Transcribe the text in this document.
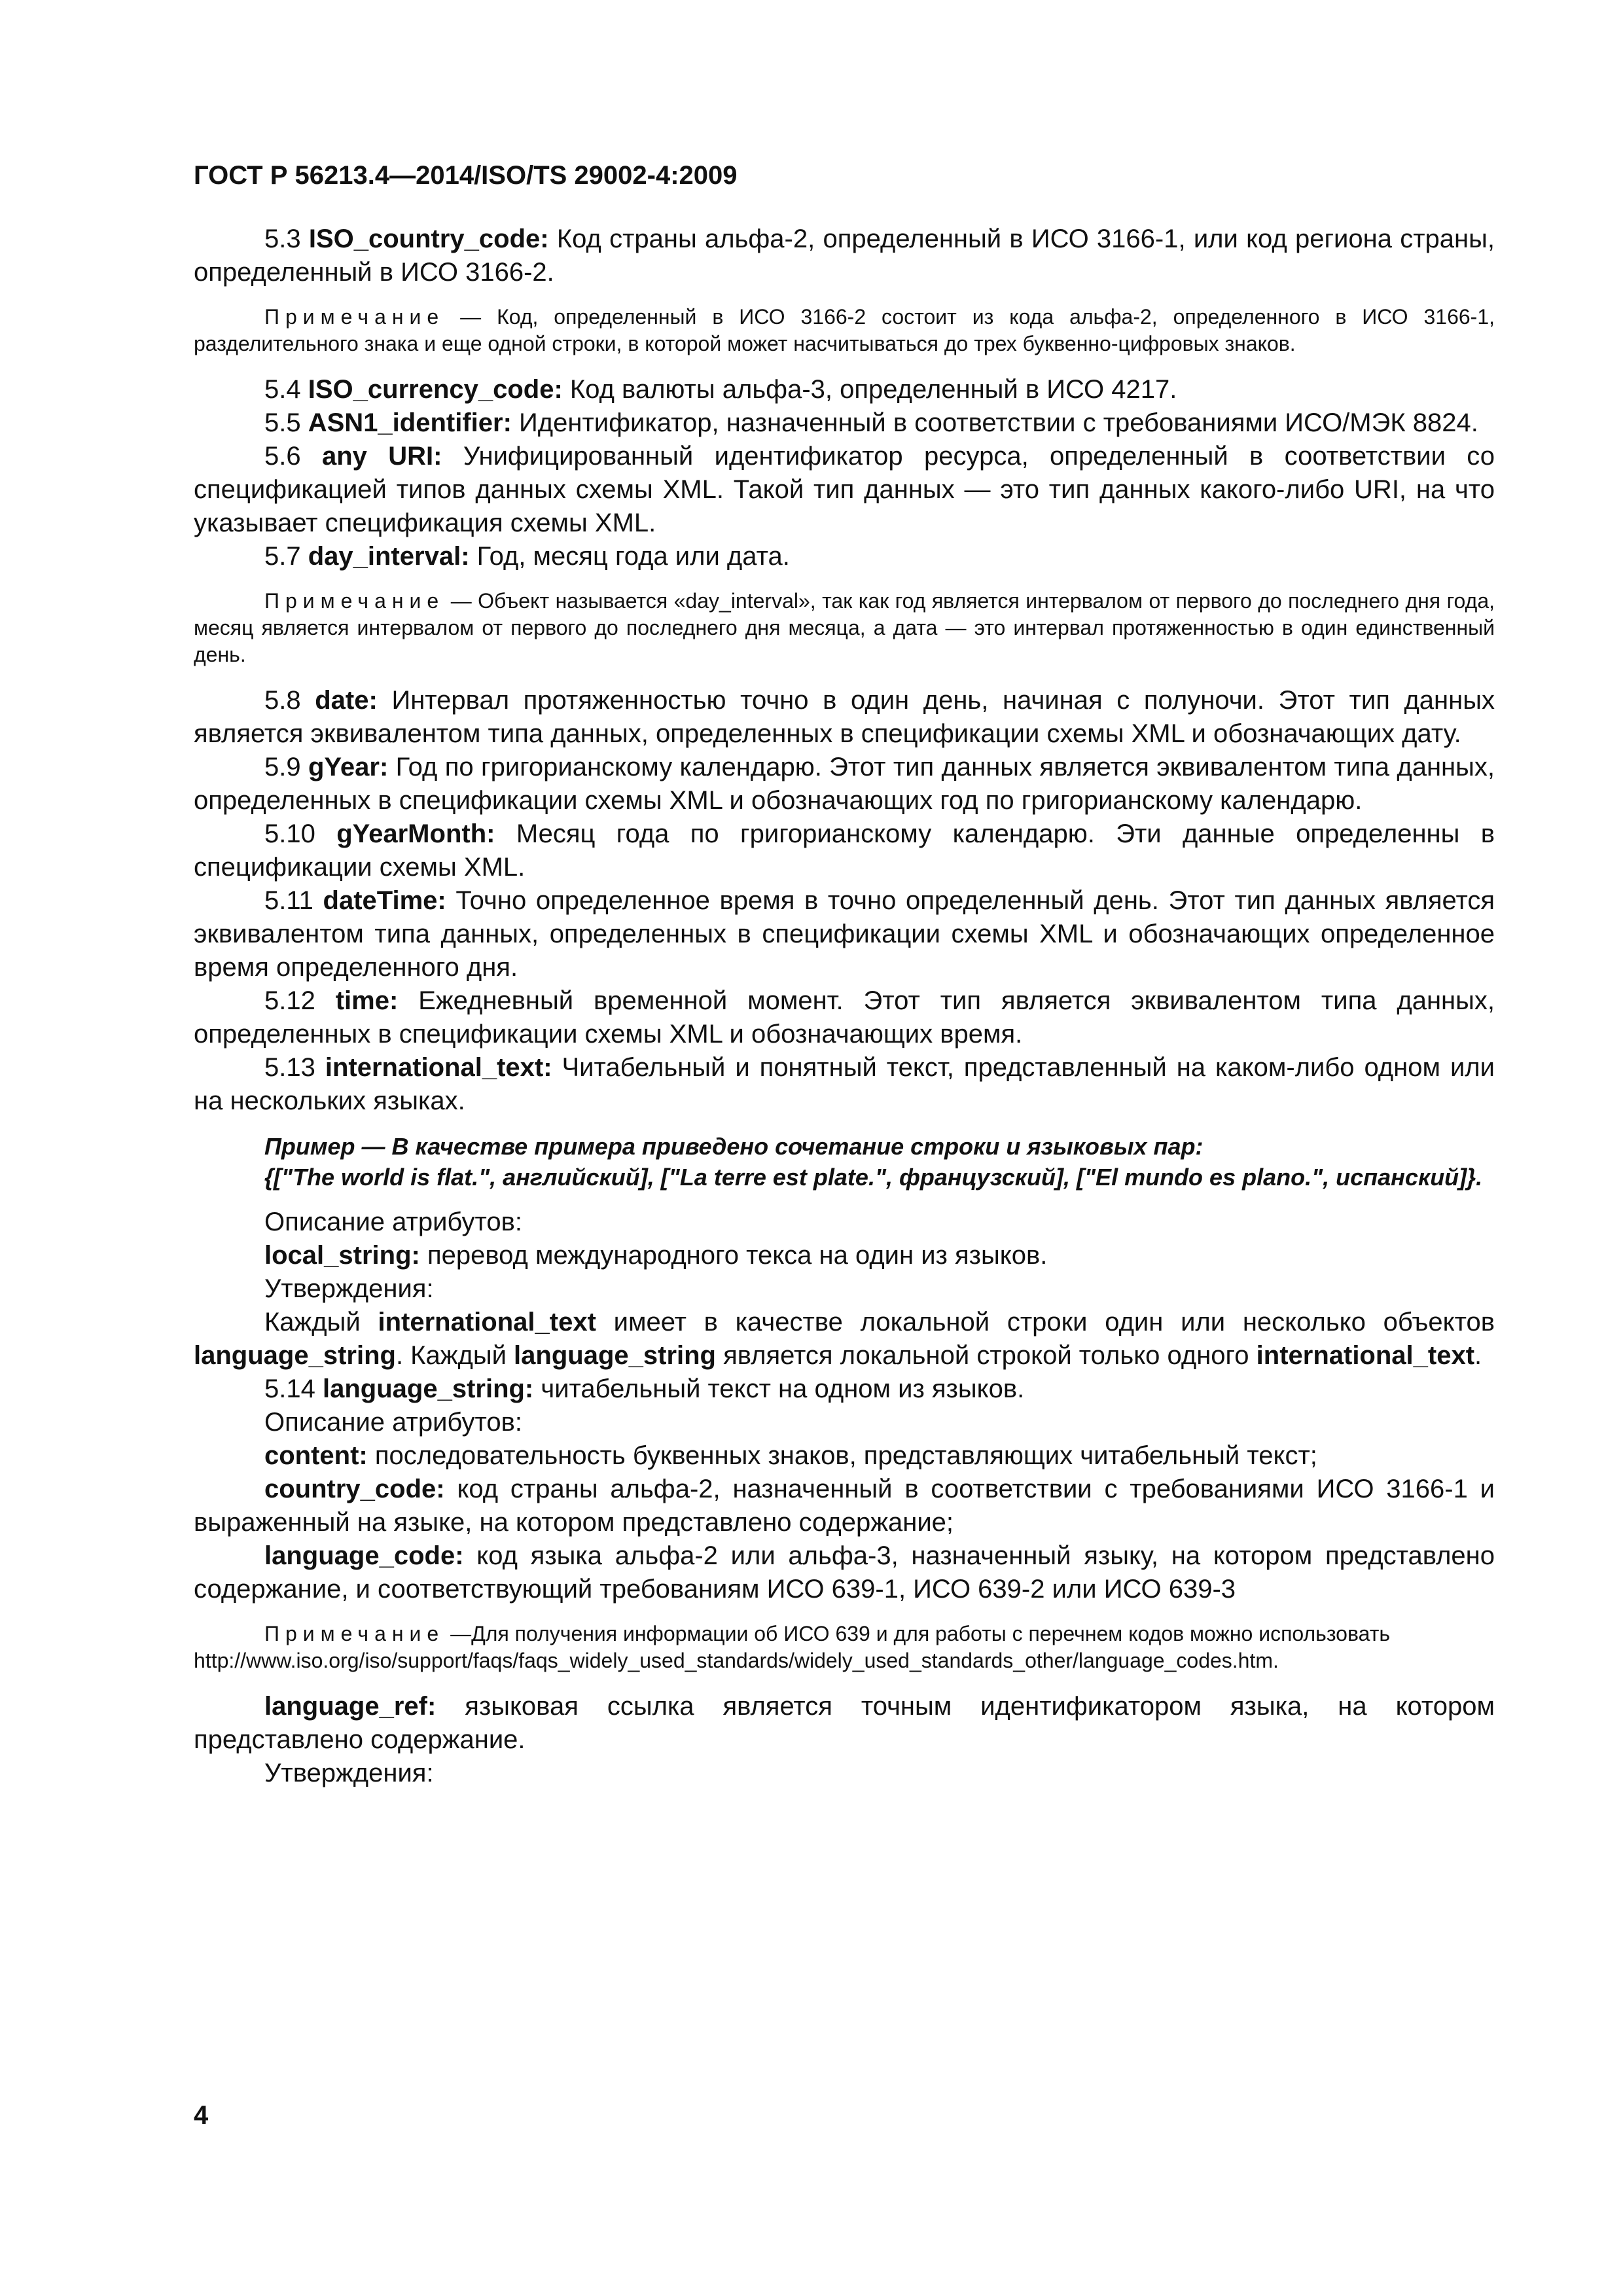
ГОСТ Р 56213.4—2014/ISO/TS 29002-4:2009

5.3 ISO_country_code: Код страны альфа-2, определенный в ИСО 3166-1, или код региона страны, определенный в ИСО 3166-2.

Примечание — Код, определенный в ИСО 3166-2 состоит из кода альфа-2, определенного в ИСО 3166-1, разделительного знака и еще одной строки, в которой может насчитываться до трех буквенно-цифровых знаков.

5.4 ISO_currency_code: Код валюты альфа-3, определенный в ИСО 4217.

5.5 ASN1_identifier: Идентификатор, назначенный в соответствии с требованиями ИСО/МЭК 8824.

5.6 any URI: Унифицированный идентификатор ресурса, определенный в соответствии со спецификацией типов данных схемы XML. Такой тип данных — это тип данных какого-либо URI, на что указывает спецификация схемы XML.

5.7 day_interval: Год, месяц года или дата.

Примечание — Объект называется «day_interval», так как год является интервалом от первого до последнего дня года, месяц является интервалом от первого до последнего дня месяца, а дата — это интервал протяженностью в один единственный день.

5.8 date: Интервал протяженностью точно в один день, начиная с полуночи. Этот тип данных является эквивалентом типа данных, определенных в спецификации схемы XML и обозначающих дату.

5.9 gYear: Год по григорианскому календарю. Этот тип данных является эквивалентом типа данных, определенных в спецификации схемы XML и обозначающих год по григорианскому календарю.

5.10 gYearMonth: Месяц года по григорианскому календарю. Эти данные определенны в спецификации схемы XML.

5.11 dateTime: Точно определенное время в точно определенный день. Этот тип данных является эквивалентом типа данных, определенных в спецификации схемы XML и обозначающих определенное время определенного дня.

5.12 time: Ежедневный временной момент. Этот тип является эквивалентом типа данных, определенных в спецификации схемы XML и обозначающих время.

5.13 international_text: Читабельный и понятный текст, представленный на каком-либо одном или на нескольких языках.

Пример — В качестве примера приведено сочетание строки и языковых пар:
{["The world is flat.", английский], ["La terre est plate.", французский], ["El mundo es plano.", испанский]}.

Описание атрибутов:

local_string: перевод международного текса на один из языков.

Утверждения:

Каждый international_text имеет в качестве локальной строки один или несколько объектов language_string. Каждый language_string является локальной строкой только одного international_text.

5.14 language_string: читабельный текст на одном из языков.

Описание атрибутов:

content: последовательность буквенных знаков, представляющих читабельный текст;

country_code: код страны альфа-2, назначенный в соответствии с требованиями ИСО 3166-1 и выраженный на языке, на котором представлено содержание;

language_code: код языка альфа-2 или альфа-3, назначенный языку, на котором представлено содержание, и соответствующий требованиям ИСО 639-1, ИСО 639-2 или ИСО 639-3

Примечание —Для получения информации об ИСО 639 и для работы с перечнем кодов можно использовать
http://www.iso.org/iso/support/faqs/faqs_widely_used_standards/widely_used_standards_other/language_codes.htm.

language_ref: языковая ссылка является точным идентификатором языка, на котором представлено содержание.

Утверждения:

4
